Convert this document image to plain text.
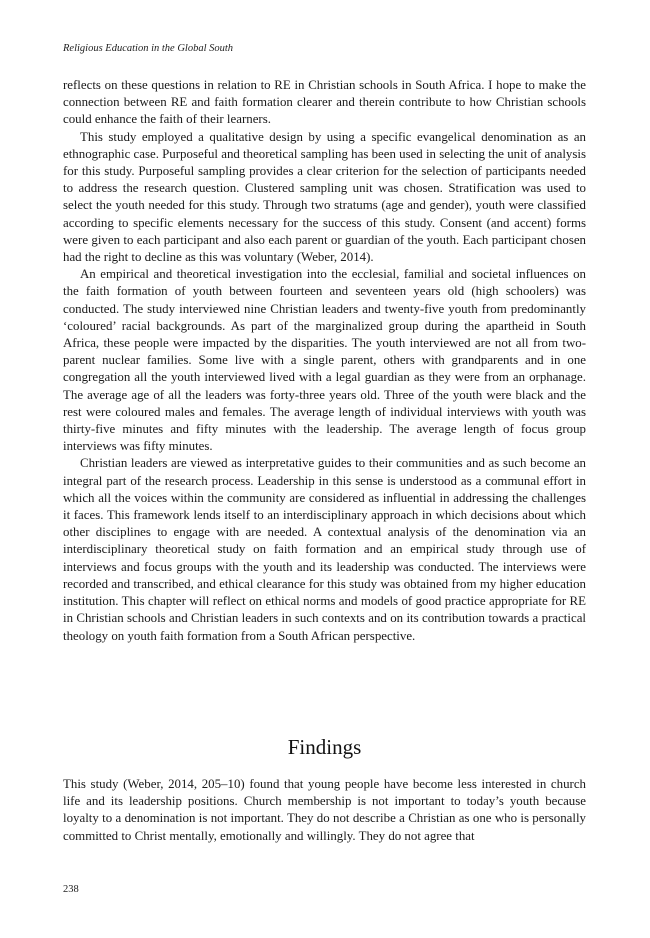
Religious Education in the Global South

reflects on these questions in relation to RE in Christian schools in South Africa. I hope to make the connection between RE and faith formation clearer and therein contribute to how Christian schools could enhance the faith of their learners.

This study employed a qualitative design by using a specific evangelical denomination as an ethnographic case. Purposeful and theoretical sampling has been used in selecting the unit of analysis for this study. Purposeful sampling provides a clear criterion for the selection of participants needed to address the research question. Clustered sampling unit was chosen. Stratification was used to select the youth needed for this study. Through two stratums (age and gender), youth were classified according to specific elements necessary for the success of this study. Consent (and accent) forms were given to each participant and also each parent or guardian of the youth. Each participant chosen had the right to decline as this was voluntary (Weber, 2014).

An empirical and theoretical investigation into the ecclesial, familial and societal influences on the faith formation of youth between fourteen and seventeen years old (high schoolers) was conducted. The study interviewed nine Christian leaders and twenty-five youth from predominantly ‘coloured’ racial backgrounds. As part of the marginalized group during the apartheid in South Africa, these people were impacted by the disparities. The youth interviewed are not all from two-parent nuclear families. Some live with a single parent, others with grandparents and in one congregation all the youth interviewed lived with a legal guardian as they were from an orphanage. The average age of all the leaders was forty-three years old. Three of the youth were black and the rest were coloured males and females. The average length of individual interviews with youth was thirty-five minutes and fifty minutes with the leadership. The average length of focus group interviews was fifty minutes.

Christian leaders are viewed as interpretative guides to their communities and as such become an integral part of the research process. Leadership in this sense is understood as a communal effort in which all the voices within the community are considered as influential in addressing the challenges it faces. This framework lends itself to an interdisciplinary approach in which decisions about which other disciplines to engage with are needed. A contextual analysis of the denomination via an interdisciplinary theoretical study on faith formation and an empirical study through use of interviews and focus groups with the youth and its leadership was conducted. The interviews were recorded and transcribed, and ethical clearance for this study was obtained from my higher education institution. This chapter will reflect on ethical norms and models of good practice appropriate for RE in Christian schools and Christian leaders in such contexts and on its contribution towards a practical theology on youth faith formation from a South African perspective.

Findings

This study (Weber, 2014, 205–10) found that young people have become less interested in church life and its leadership positions. Church membership is not important to today’s youth because loyalty to a denomination is not important. They do not describe a Christian as one who is personally committed to Christ mentally, emotionally and willingly. They do not agree that

238
